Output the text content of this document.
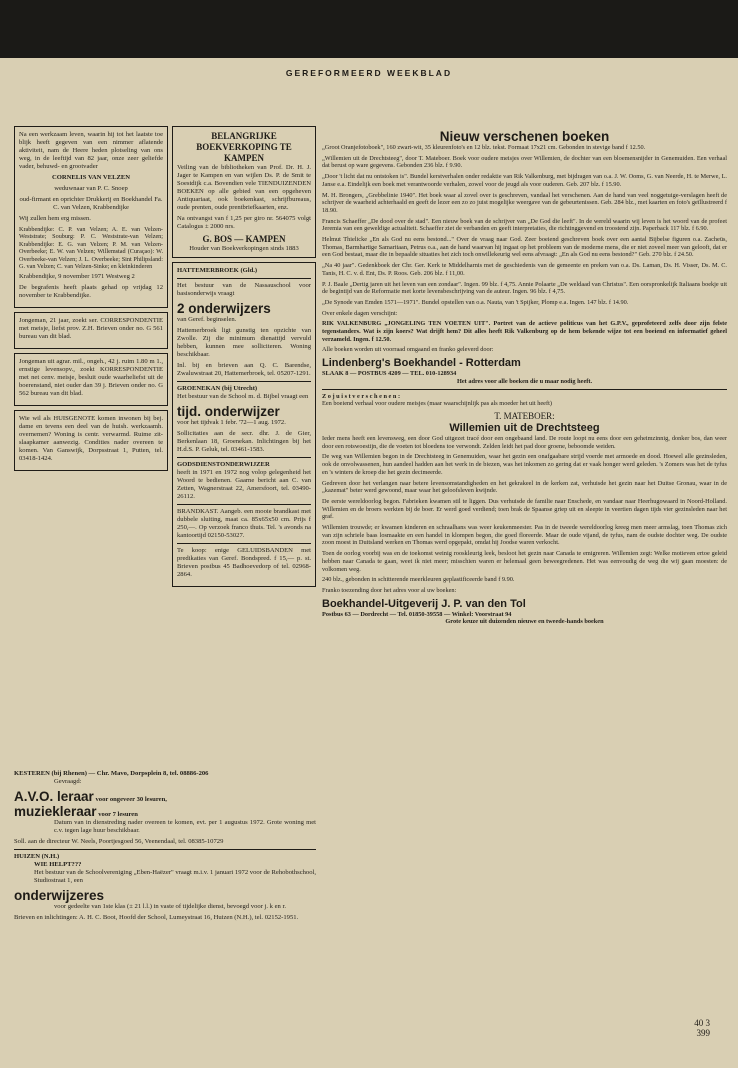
GEREFORMEERD WEEKBLAD
Na een werkzaam leven, waarin hij tot het laatste toe blijk heeft gegeven van een nimmer aflatende aktiviteit, nam de Heere heden plotseling van ons weg, in de leeftijd van 82 jaar, onze zeer geliefde vader, behuwd- en grootvader
CORNELIS VAN VELZEN
weduwnaar van P. C. Snoep
oud-firmant en oprichter Drukkerij en Boekhandel Fa. C. van Velzen, Krabbendijke
Wij zullen hem erg missen.
Krabbendijke: C. P. van Velzen; A. E. van Velzen-Weststrate; Souburg: P. C. Weststrate-van Velzen; Krabbendijke: E. G. van Velzen; P. M. van Velzen-Overbeeke; E. W. van Velzen; Willemstad (Curaçao): W. Overbeeke-van Velzen; J. L. Overbeeke; Sint Philipsland: G. van Velzen; C. van Velzen-Sinke; en kleinkinderen
Krabbendijke, 9 november 1971 Westweg 2
De begrafenis heeft plaats gehad op vrijdag 12 november te Krabbendijke.
Jongeman, 21 jaar, zoekt ser. CORRESPONDENTIE met meisje, liefst prov. Z.H. Brieven onder no. G 561 bureau van dit blad.
Jongeman uit agrar. mil., ongeh., 42 j. ruim 1.80 m 1., ernstige levensopv., zoekt KORRESPONDENTIE met net cenv. meisje, besluit oude waarheliefst uit de boerenstand, niet ouder dan 39 j. Brieven onder no. G 562 bureau van dit blad.
Wie wil als HUISGENOTE komen inwonen bij bej. dame en tevens een deel van de huish. werkzaamh. overnemen? Woning is centr. verwarmd. Ruime zit-slaapkamer aanwezig. Condities nader overeen te komen. Van Ganswijk, Dorpsstraat 1, Putten, tel. 03418-1424.
BELANGRIJKE BOEKVERKOPING TE KAMPEN
Veiling van de bibliotheken van Prof. Dr. H. J. Jager te Kampen en van wijlen Ds. P. de Smit te Soestdijk c.a. Bovendien vele TIENDUIZENDEN BOEKEN op alle gebied van een opgeheven Antiquariaat, ook boekenkast, schrijfbureaus, oude prenten, oude prentbriefkaarten, enz.
Na ontvangst van f 1,25 per giro nr. 564075 volgt Catalogus ± 2000 nrs.
G. BOS — KAMPEN
Houder van Boekverkopingen sinds 1883
HATTEMERBROEK (Gld.)
Het bestuur van de Nassauschool voor basisonderwijs vraagt
2 onderwijzers
van Geref. beginselen.
Hattemerbroek ligt gunstig ten opzichte van Zwolle. Zij die minimum dienattijd vervuld hebben, kunnen mee solliciteren. Woning beschikbaar.
Inl. bij en brieven aan Q. C. Barendse, Zwaluwstraat 20, Hattemerbroek, tel. 05207-1291.
GROENEKAN (bij Utrecht)
Het bestuur van de School m. d. Bijbel vraagt een
tijd. onderwijzer
voor het tijdvak 1 febr. '72—1 aug. 1972.
Sollicitaties aan de secr. dhr. J. de Gier, Berkenlaan 18, Groenekan. Inlichtingen bij het H.d.S. P. Geluk, tel. 03461-1583.
GODSDIENSTONDERWIJZER
heeft in 1971 en 1972 nog volop gelegenheid het Woord te bedienen. Gaarne bericht aan C. van Zetten, Wagnerstraat 22, Amersfoort, tel. 03490-26112.
BRANDKAST. Aangeb. een mooie brandkast met dubbele sluiting, maat ca. 85x65x50 cm. Prijs f 250,—. Op verzoek franco thuis. Tel. 's avonds na kantoortijd 02150-53027.
Te koop: enige GELUIDSBANDEN met predikaties van Geref. Bondspred. f 15,— p. st. Brieven postbus 45 Badhoevedorp of tel. 02968-2864.
KESTEREN (bij Rhenen) — Chr. Mavo, Dorpsplein 8, tel. 08886-206
Gevraagd:
A.V.O. leraar voor ongeveer 30 lesuren,
muziekleraar voor 7 lesuren
Datum van in dienstreding nader overeen te komen, evt. per 1 augustus 1972. Grote woning met c.v. tegen lage huur beschikbaar.
Soll. aan de directeur W. Neels, Poortjesgoed 56, Veenendaal, tel. 08385-10729
HUIZEN (N.H.)
WIE HELPT???
Het bestuur van de Schoolvereniging „Eben-Haëzer" vraagt m.i.v. 1 januari 1972 voor de Rehobothschool, Studiostraat 1, een
onderwijzeres
voor gedeelte van 1ste klas (± 21 l.l.) in vaste of tijdelijke dienst, bevoegd voor j. k en r.
Brieven en inlichtingen: A. H. C. Boot, Hoofd der School, Lumeystraat 16, Huizen (N.H.), tel. 02152-1951.
Nieuw verschenen boeken
„Groot Oranjefotoboek", 160 zwart-wit, 35 kleurenfoto's en 12 blz. tekst. Formaat 17x21 cm. Gebonden in stevige band f 12.50.
„Willemien uit de Drechtsteeg", door T. Mateboer. Boek voor oudere meisjes over Willemien, de dochter van een bloemensnijder in Genemuiden. Een verhaal dat berust op ware gegevens. Gebonden 236 blz. f 9.90.
„Door 't licht dat nu ontstoken is". Bundel kerstverhalen onder redaktie van Rik Valkenburg, met bijdragen van o.a. J. W. Ooms, G. van Neerde, H. te Merwe, L. Janse e.a. Eindelijk een boek met verantwoorde verhalen, zowel voor de jeugd als voor ouderen. Geb. 207 blz. f 15.90.
M. H. Brongers, „Grebbelinie 1940". Het boek waar al zovel over is geschreven, vandaal het verschenen. Aan de hand van veel noggetuige-verslagen heeft de schrijver de waarheid achterhaald en geeft de lezer een zo zo juist mogelijke weergave van de gebeurtenissen. Geb. 284 blz., met kaarten en foto's geïllustreerd f 18.90.
Francis Schaeffer „De dood over de stad". Een nieuw boek van de schrijver van „De God die leeft". In de wereld waarin wij leven is het woord van de profeet Jeremia van een geweldige actualiteit. Schaeffer ziet de verbanden en geeft interpretaties, die richtinggevend en troostend zijn. Paperback 117 blz. f 6.90.
Helmut Thielicke „En als God nu eens bestond..." Over de vraag naar God. Zeer boeiend geschreven boek over een aantal Bijbelse figuren o.a. Zacheüs, Thomas, Barmhartige Samaritaan, Petrus o.a., aan de hand waarvan hij ingaat op het probleem van de moderne mens, die er niet zoveel meer van gelooft, dat er een God bestaat, maar die in bepaalde situaties het zich toch onwillekeurig wel eens afvraagt: „En als God nu eens bestond?" Geb. 270 blz. f 24.50.
„Na 40 jaar". Gedenkboek der Chr. Ger. Kerk te Middelharnis met de geschiedenis van de gemeente en preken van o.a. Ds. Laman, Ds. H. Visser, Ds. M. C. Tanis, H. C. v. d. Ent, Ds. P. Roos. Geb. 206 blz. f 11,00.
P. J. Baale „Dertig jaren uit het leven van een zondaar". Ingen. 99 blz. f 4,75. Annie Polaarte „De weldaad van Christus". Een oorspronkelijk Italiaans boekje uit de begintijd van de Reformatie met korte levensbeschrijving van de auteur. Ingen. 96 blz. f 4,75.
„De Synode van Emden 1571—1971". Bundel opstellen van o.a. Nauta, van 't Spijker, Plomp e.a. Ingen. 147 blz. f 14.90.
Over enkele dagen verschijnt:
RIK VALKENBURG „JONGELING TEN VOETEN UIT". Portret van de actieve politicus van het G.P.V., geprofeteerd zelfs door zijn felste tegenstanders. Wat is zijn koers? Wat drijft hem? Dit alles heeft Rik Valkenburg op de hem bekende wijze tot een boeiend en informatief geheel verzameld. Ingen. f 12.50.
Alle boeken worden uit voorraad omgaand en franko geleverd door:
Lindenberg's Boekhandel - Rotterdam
SLAAK 8 — POSTBUS 4209 — TEL. 010-128934
Het adres voor alle boeken die u maar nodig heeft.
Z o j u i s t v e r s c h e n e n :
Een boeiend verhaal voor oudere meisjes (maar waarschijnlijk pas als moeder het uit heeft)
T. MATEBOER:
Willemien uit de Drechtsteeg
Ieder mens heeft een levensweg, een door God uitgezet tracé door een ongebaand land. De route loopt nu eens door een geheimzinnig, donker bos, dan weer door een rotswoestijn, die de voeten tot bloedens toe verwondt. Zelden leidt het pad door groene, beboomde weiden.
De weg van Willemien begon in de Drechtsteeg in Genemuiden, waar het gezin een onafgaabare strijd voerde met armoede en dood. Hoewel alle gezinsleden, ook de onvolwassenen, hun aandeel hadden aan het werk in de biezen, was het inkomen zo gering dat er vaak honger werd geleden. 's Zomers was het de tyfus en 's winters de kroep die het gezin decimeerde.
Gedreven door het verlangen naar betere levensomstandigheden en het gekrakeel in de kerken zat, verhuisde het gezin naar het Duitse Gronau, waar in de „kazemat" beter werd gewoond, maar waar het geloofsleven kwijnde.
De eerste wereldoorlog begon. Fabrieken kwamen stil te liggen. Dus verhuisde de familie naar Enschede, en vandaar naar Heerhugowaard in Noord-Holland. Willemien en de broers werkten bij de boer. Er werd goed verdiend; toen brak de Spaanse griep uit en sleepte in veertien dagen tijds vier gezinsleden naar het graf.
Willemien trouwde; er kwamen kinderen en schraalhans was weer keukenmeester. Pas in de tweede wereldoorlog kreeg men meer armslag, toen Thomas zich van zijn schriele baas losmaakte en een handel in klompen begon, die goed floreerde. Maar de oude vijand, de tyfus, nam de oudste dochter weg. De oudste zoon moest in Duitsland werken en Thomas werd opgepakt, omdat hij Joodse waren verkocht.
Toen de oorlog voorbij was en de toekomst weinig rooskleurig leek, besloot het gezin naar Canada te emigreren. Willemien zegt: Welke motieven ertoe geleid hebben naar Canada te gaan, weet ik niet meer; misschien waren er helemaal geen beweegredenen. Het was eenvoudig de weg die wij gaan moesten: de volkomen weg.
240 blz., gebonden in schitterende meerkleuren geplastificeerde band f 9.90.
Franko toezending door het adres voor al uw boeken:
Boekhandel-Uitgeverij J. P. van den Tol
Postbus 63 — Dordrecht — Tel. 01850-39558 — Winkel: Voorstraat 94
Grote keuze uit duizenden nieuwe en tweede-hands boeken
40 3
399
